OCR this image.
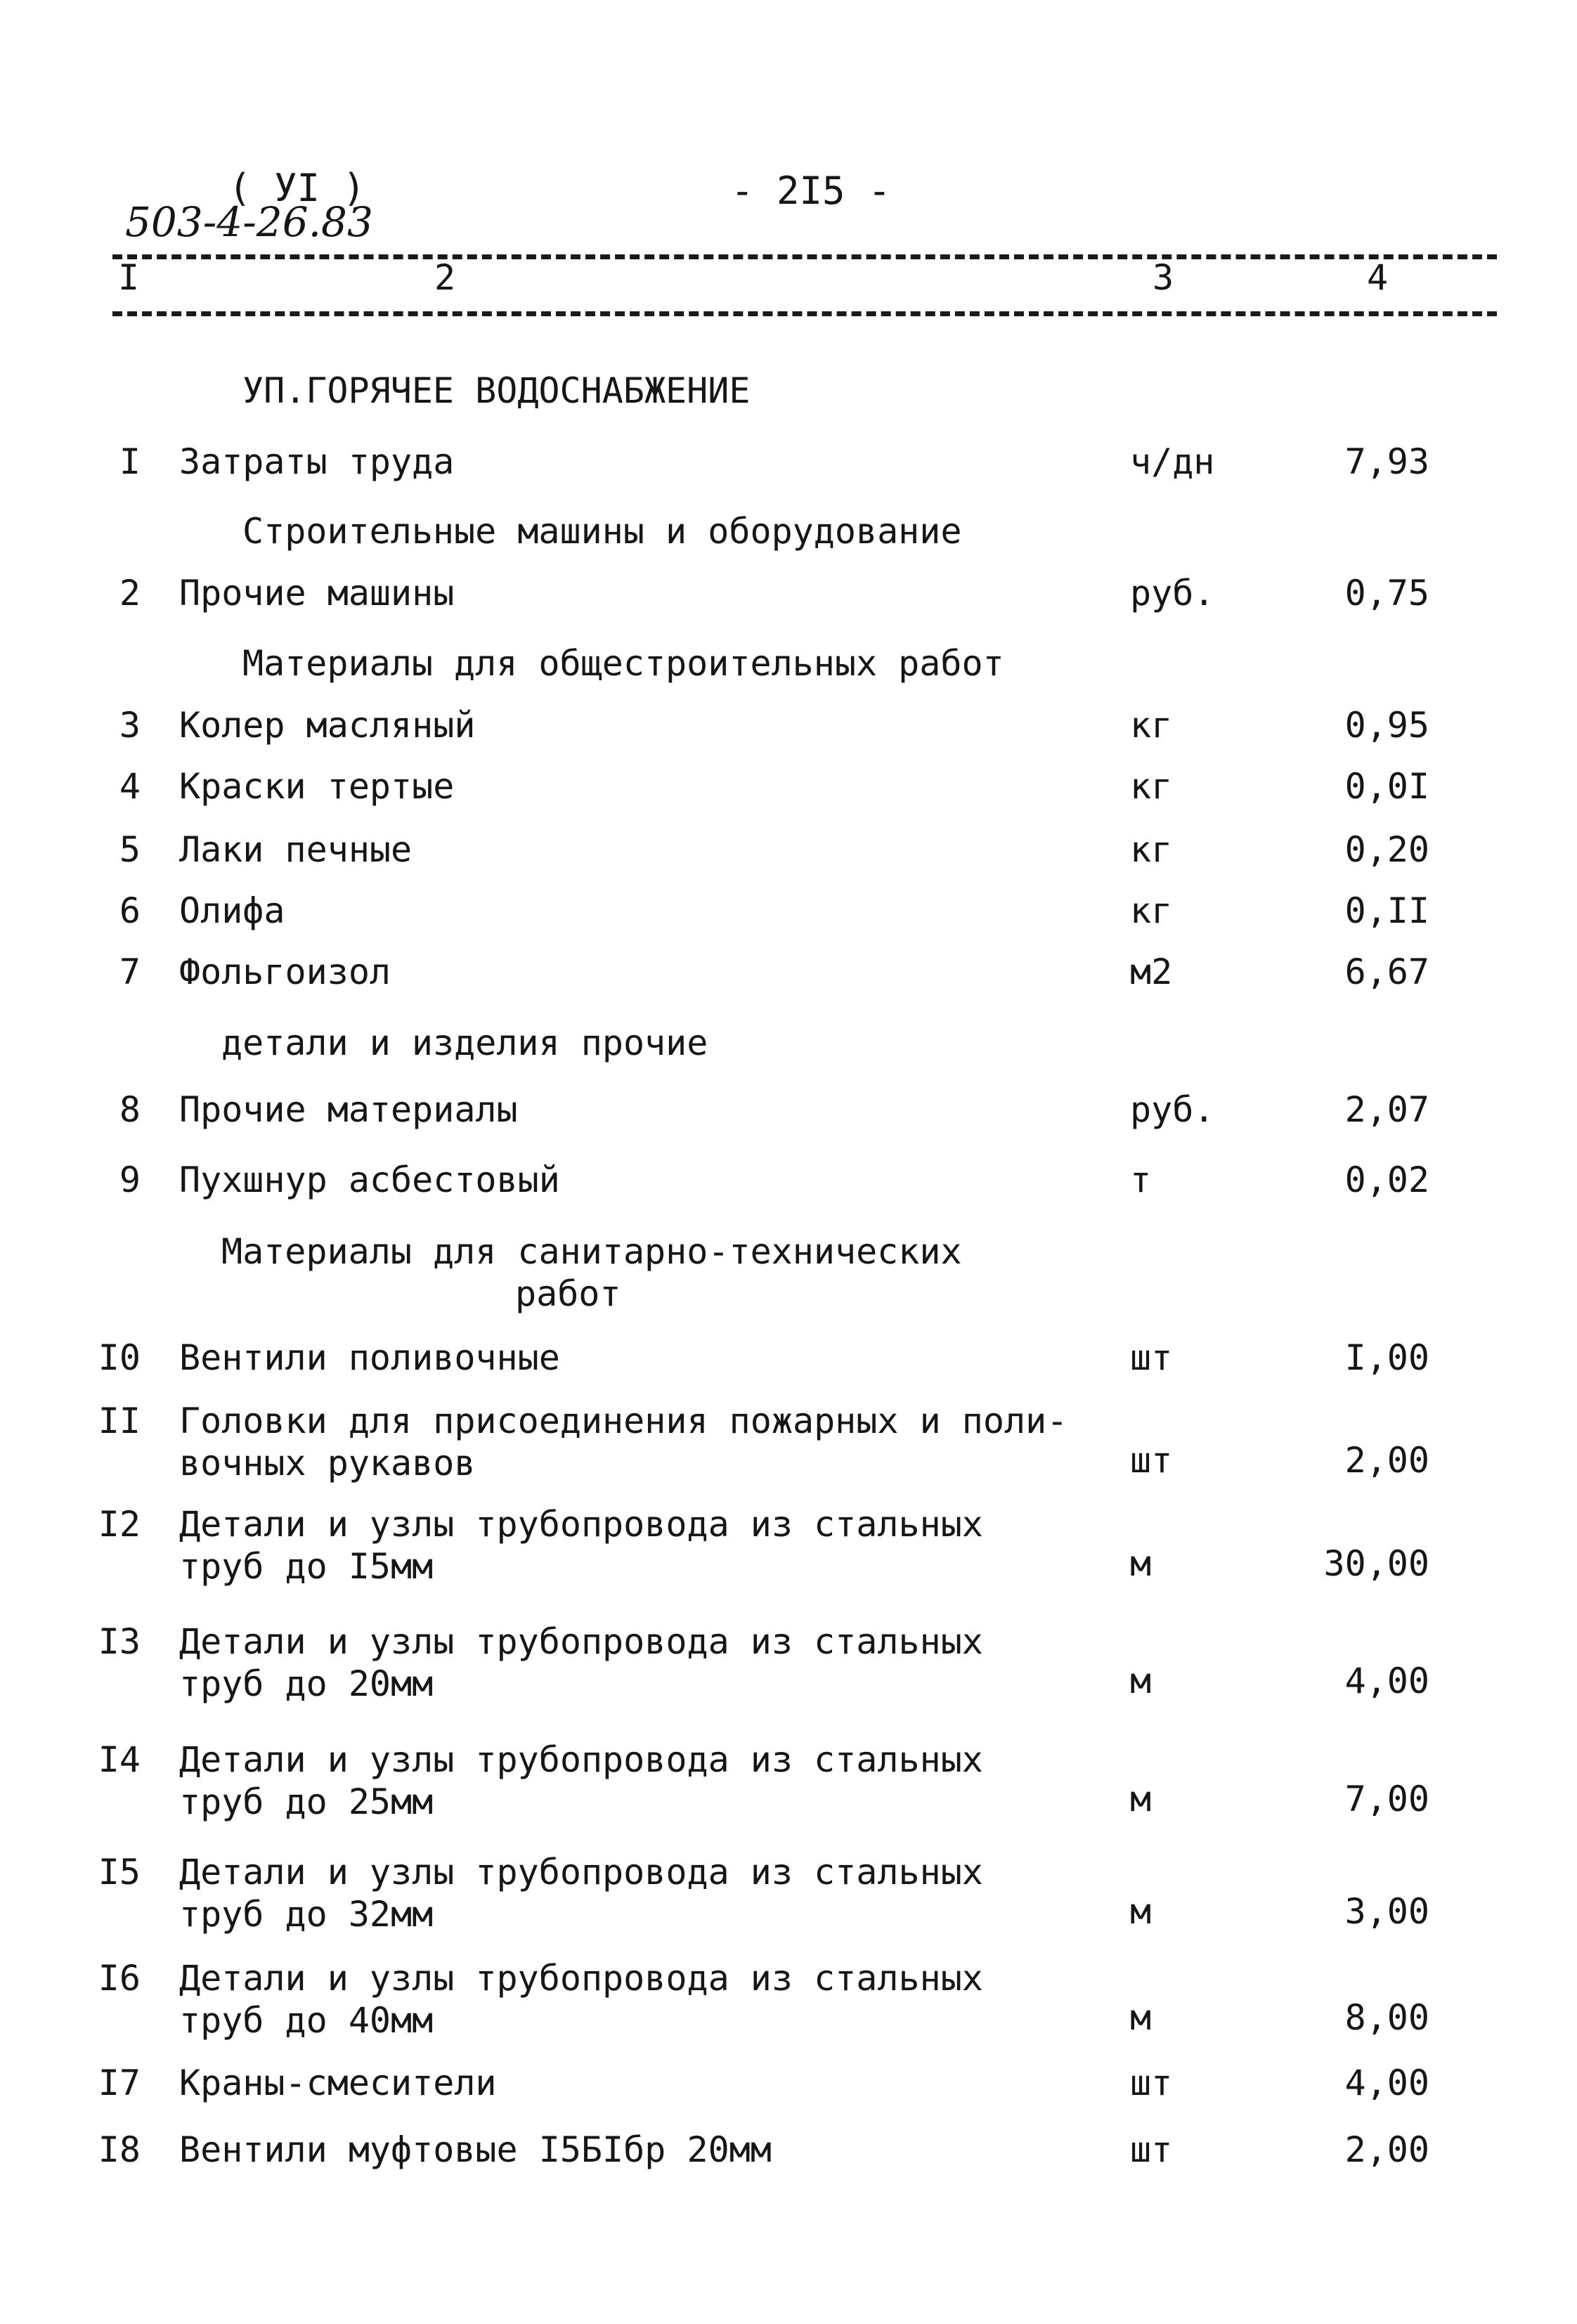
( УI )
503-4-26.83
- 2I5 -
I	2	3	4
УП.ГОРЯЧЕЕ ВОДОСНАБЖЕНИЕ
Строительные машины и оборудование
Материалы для общестроительных работ
детали и изделия прочие
Материалы для санитарно-технических
работ
I Затраты труда	ч/дн	7,93
2 Прочие машины	руб.	0,75
3 Колер масляный	кг	0,95
4 Краски тертые	кг	0,0I
5 Лаки печные	кг	0,20
6 Олифа	кг	0,II
7 Фольгоизол	м2	6,67
8 Прочие материалы	руб.	2,07
9 Пухшнур асбестовый	т	0,02
I0 Вентили поливочные	шт	I,00
II Головки для присоединения пожарных и поли-
вочных рукавов	шт	2,00
I2 Детали и узлы трубопровода из стальных
труб до I5мм	м	30,00
I3 Детали и узлы трубопровода из стальных
труб до 20мм	м	4,00
I4 Детали и узлы трубопровода из стальных
труб до 25мм	м	7,00
I5 Детали и узлы трубопровода из стальных
труб до 32мм	м	3,00
I6 Детали и узлы трубопровода из стальных
труб до 40мм	м	8,00
I7 Краны-смесители	шт	4,00
I8 Вентили муфтовые I5БIбр 20мм	шт	2,00
